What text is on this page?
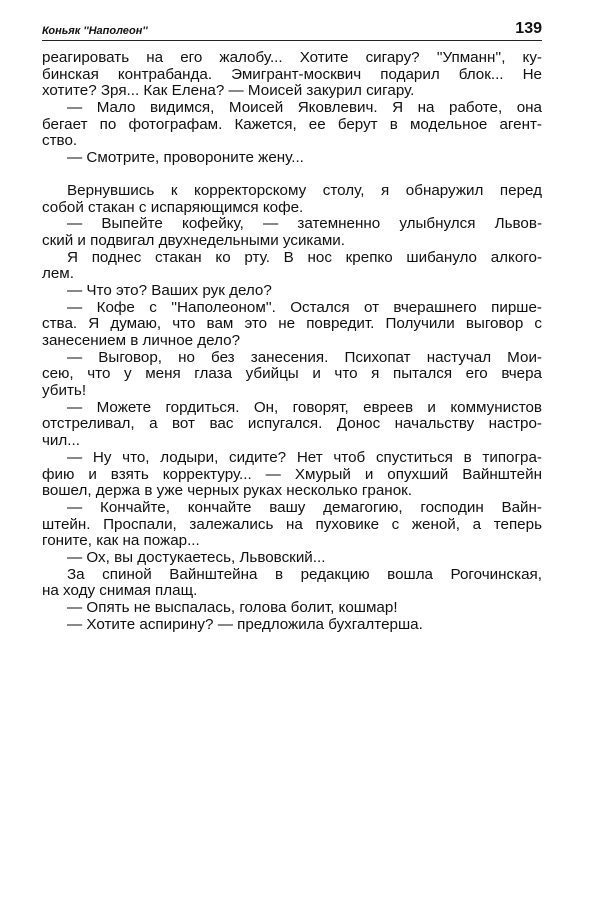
Коньяк ''Наполеон''	139
реагировать на его жалобу... Хотите сигару? ''Упманн'', ку-
бинская контрабанда. Эмигрант-москвич подарил блок... Не
хотите? Зря... Как Елена? — Моисей закурил сигару.
— Мало видимся, Моисей Яковлевич. Я на работе, она
бегает по фотографам. Кажется, ее берут в модельное агент-
ство.
— Смотрите, провороните жену...
Вернувшись к корректорскому столу, я обнаружил перед
собой стакан с испаряющимся кофе.
— Выпейте кофейку, — затемненно улыбнулся Львов-
ский и подвигал двухнедельными усиками.
Я поднес стакан ко рту. В нос крепко шибануло алкого-
лем.
— Что это? Ваших рук дело?
— Кофе с ''Наполеоном''. Остался от вчерашнего пирше-
ства. Я думаю, что вам это не повредит. Получили выговор с
занесением в личное дело?
— Выговор, но без занесения. Психопат настучал Мои-
сею, что у меня глаза убийцы и что я пытался его вчера
убить!
— Можете гордиться. Он, говорят, евреев и коммунистов
отстреливал, а вот вас испугался. Донос начальству настро-
чил...
— Ну что, лодыри, сидите? Нет чтоб спуститься в типогра-
фию и взять корректуру... — Хмурый и опухший Вайнштейн
вошел, держа в уже черных руках несколько гранок.
— Кончайте, кончайте вашу демагогию, господин Вайн-
штейн. Проспали, залежались на пуховике с женой, а теперь
гоните, как на пожар...
— Ох, вы достукаетесь, Львовский...
За спиной Вайнштейна в редакцию вошла Рогочинская,
на ходу снимая плащ.
— Опять не выспалась, голова болит, кошмар!
— Хотите аспирину? — предложила бухгалтерша.
